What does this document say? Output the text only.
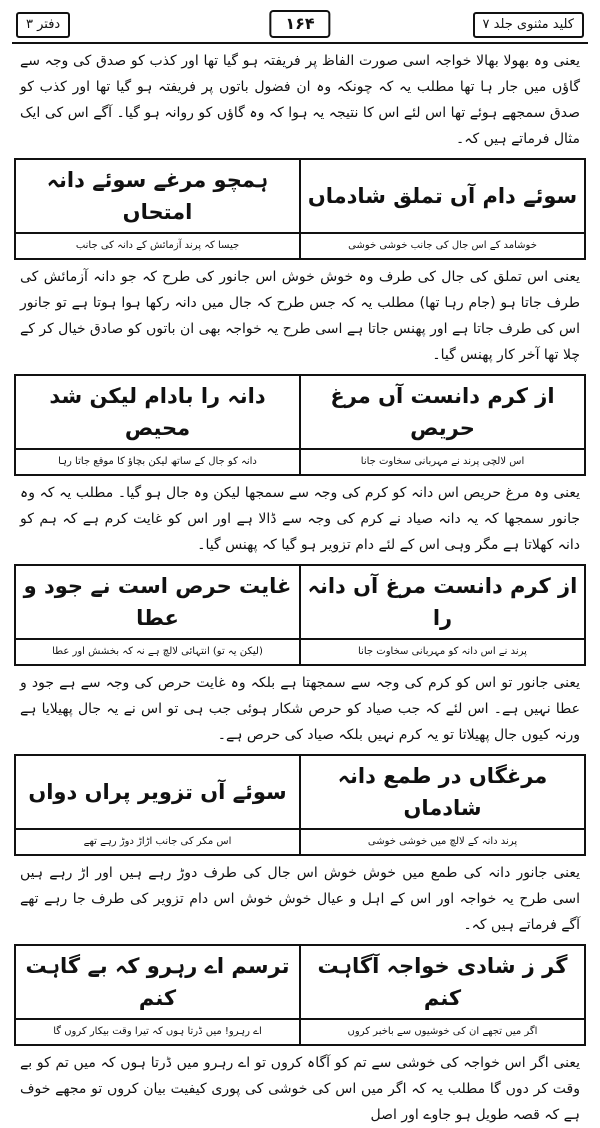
کلید مثنوی جلد ۷
۱۶۴
دفتر ۳
یعنی وہ بھولا بھالا خواجہ اسی صورت الفاظ پر فریفتہ ہو گیا تھا اور کذب کو صدق کی وجہ سے گاؤں میں جار ہا تھا مطلب یہ کہ چونکہ وہ ان فضول باتوں پر فریفتہ ہو گیا تھا اور کذب کو صدق سمجھے ہوئے تھا اس لئے اس کا نتیجہ یہ ہوا کہ وہ گاؤں کو روانہ ہو گیا۔ آگے اس کی ایک مثال فرماتے ہیں کہ۔
سوئے دام آں تملق شادماں	ہمچو مرغے سوئے دانہ امتحاں
خوشامد کے اس جال کی جانب خوشی خوشی	جیسا کہ پرند آزمائش کے دانہ کی جانب
یعنی اس تملق کی جال کی طرف وہ خوش خوش اس جانور کی طرح کہ جو دانہ آزمائش کی طرف جاتا ہو (جام رہا تھا) مطلب یہ کہ جس طرح کہ جال میں دانہ رکھا ہوا ہوتا ہے تو جانور اس کی طرف جاتا ہے اور پھنس جاتا ہے اسی طرح یہ خواجہ بھی ان باتوں کو صادق خیال کر کے چلا تھا آخر کار پھنس گیا۔
از کرم دانست آں مرغ حریص	دانہ را بادام لیکن شد محیص
اس لالچی پرند نے مہربانی سخاوت جانا	دانہ کو جال کے ساتھ لیکن بچاؤ کا موقع جاتا رہا
یعنی وہ مرغ حریص اس دانہ کو کرم کی وجہ سے سمجھا لیکن وہ جال ہو گیا۔ مطلب یہ کہ وہ جانور سمجھا کہ یہ دانہ صیاد نے کرم کی وجہ سے ڈالا ہے اور اس کو غایت کرم ہے کہ ہم کو دانہ کھلاتا ہے مگر وہی اس کے لئے دام تزویر ہو گیا کہ پھنس گیا۔
از کرم دانست مرغ آں دانہ را	غایت حرص است نے جود و عطا
پرند نے اس دانہ کو مہربانی سخاوت جانا	(لیکن یہ تو) انتہائی لالچ ہے نہ کہ بخشش اور عطا
یعنی جانور تو اس کو کرم کی وجہ سے سمجھتا ہے بلکہ وہ غایت حرص کی وجہ سے ہے جود و عطا نہیں ہے۔ اس لئے کہ جب صیاد کو حرص شکار ہوئی جب ہی تو اس نے یہ جال پھیلایا ہے ورنہ کیوں جال پھیلاتا تو یہ کرم نہیں بلکہ صیاد کی حرص ہے۔
مرغگاں در طمع دانہ شادماں	سوئے آں تزویر پراں دواں
پرند دانہ کے لالچ میں خوشی خوشی	اس مکر کی جانب اڑاڑ دوڑ رہے تھے
یعنی جانور دانہ کی طمع میں خوش خوش اس جال کی طرف دوڑ رہے ہیں اور اڑ رہے ہیں اسی طرح یہ خواجہ اور اس کے اہل و عیال خوش خوش اس دام تزویر کی طرف جا رہے تھے آگے فرماتے ہیں کہ۔
گر ز شادی خواجہ آگاہت کنم	ترسم اے رہرو کہ بے گاہت کنم
اگر میں تجھے ان کی خوشیوں سے باخبر کروں	اے رہرو! میں ڈرتا ہوں کہ تیرا وقت بیکار کروں گا
یعنی اگر اس خواجہ کی خوشی سے تم کو آگاہ کروں تو اے رہرو میں ڈرتا ہوں کہ میں تم کو بے وقت کر دوں گا مطلب یہ کہ اگر میں اس کی خوشی کی پوری کیفیت بیان کروں تو مجھے خوف ہے کہ قصہ طویل ہو جاوے اور اصل
